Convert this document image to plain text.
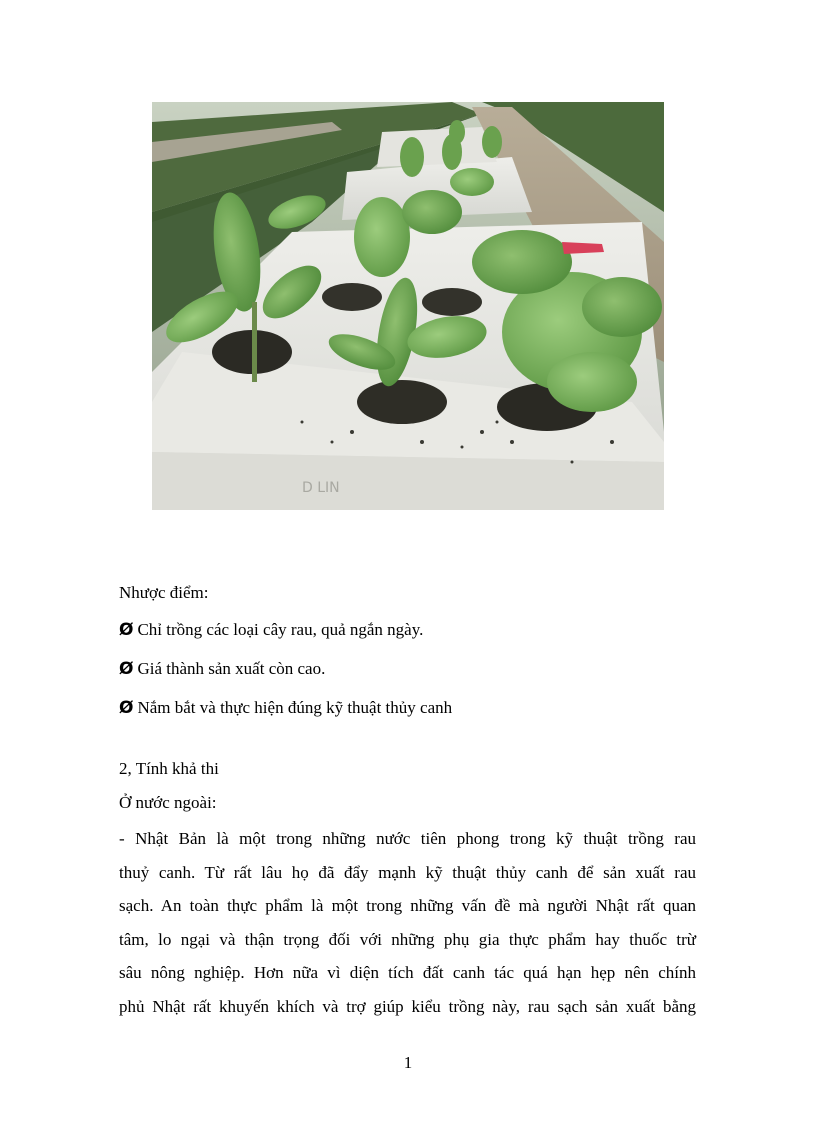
D LIN
Nhược điểm:
Ø Chỉ trồng các loại cây rau, quả ngắn ngày.
Ø Giá thành sản xuất còn cao.
Ø Nắm bắt và thực hiện đúng kỹ thuật thủy canh
2, Tính khả thi
Ở nước ngoài:
- Nhật Bản là một trong những nước tiên phong trong kỹ thuật trồng rau
thuỷ canh. Từ rất lâu họ đã đẩy mạnh kỹ thuật thủy canh để sản xuất rau
sạch. An toàn thực phẩm là một trong những vấn đề mà người Nhật rất quan
tâm, lo ngại và thận trọng đối với những phụ gia thực phẩm hay thuốc trừ
sâu nông nghiệp. Hơn nữa vì diện tích đất canh tác quá hạn hẹp nên chính
phủ Nhật rất khuyến khích và trợ giúp kiểu trồng này, rau sạch sản xuất bằng
1
